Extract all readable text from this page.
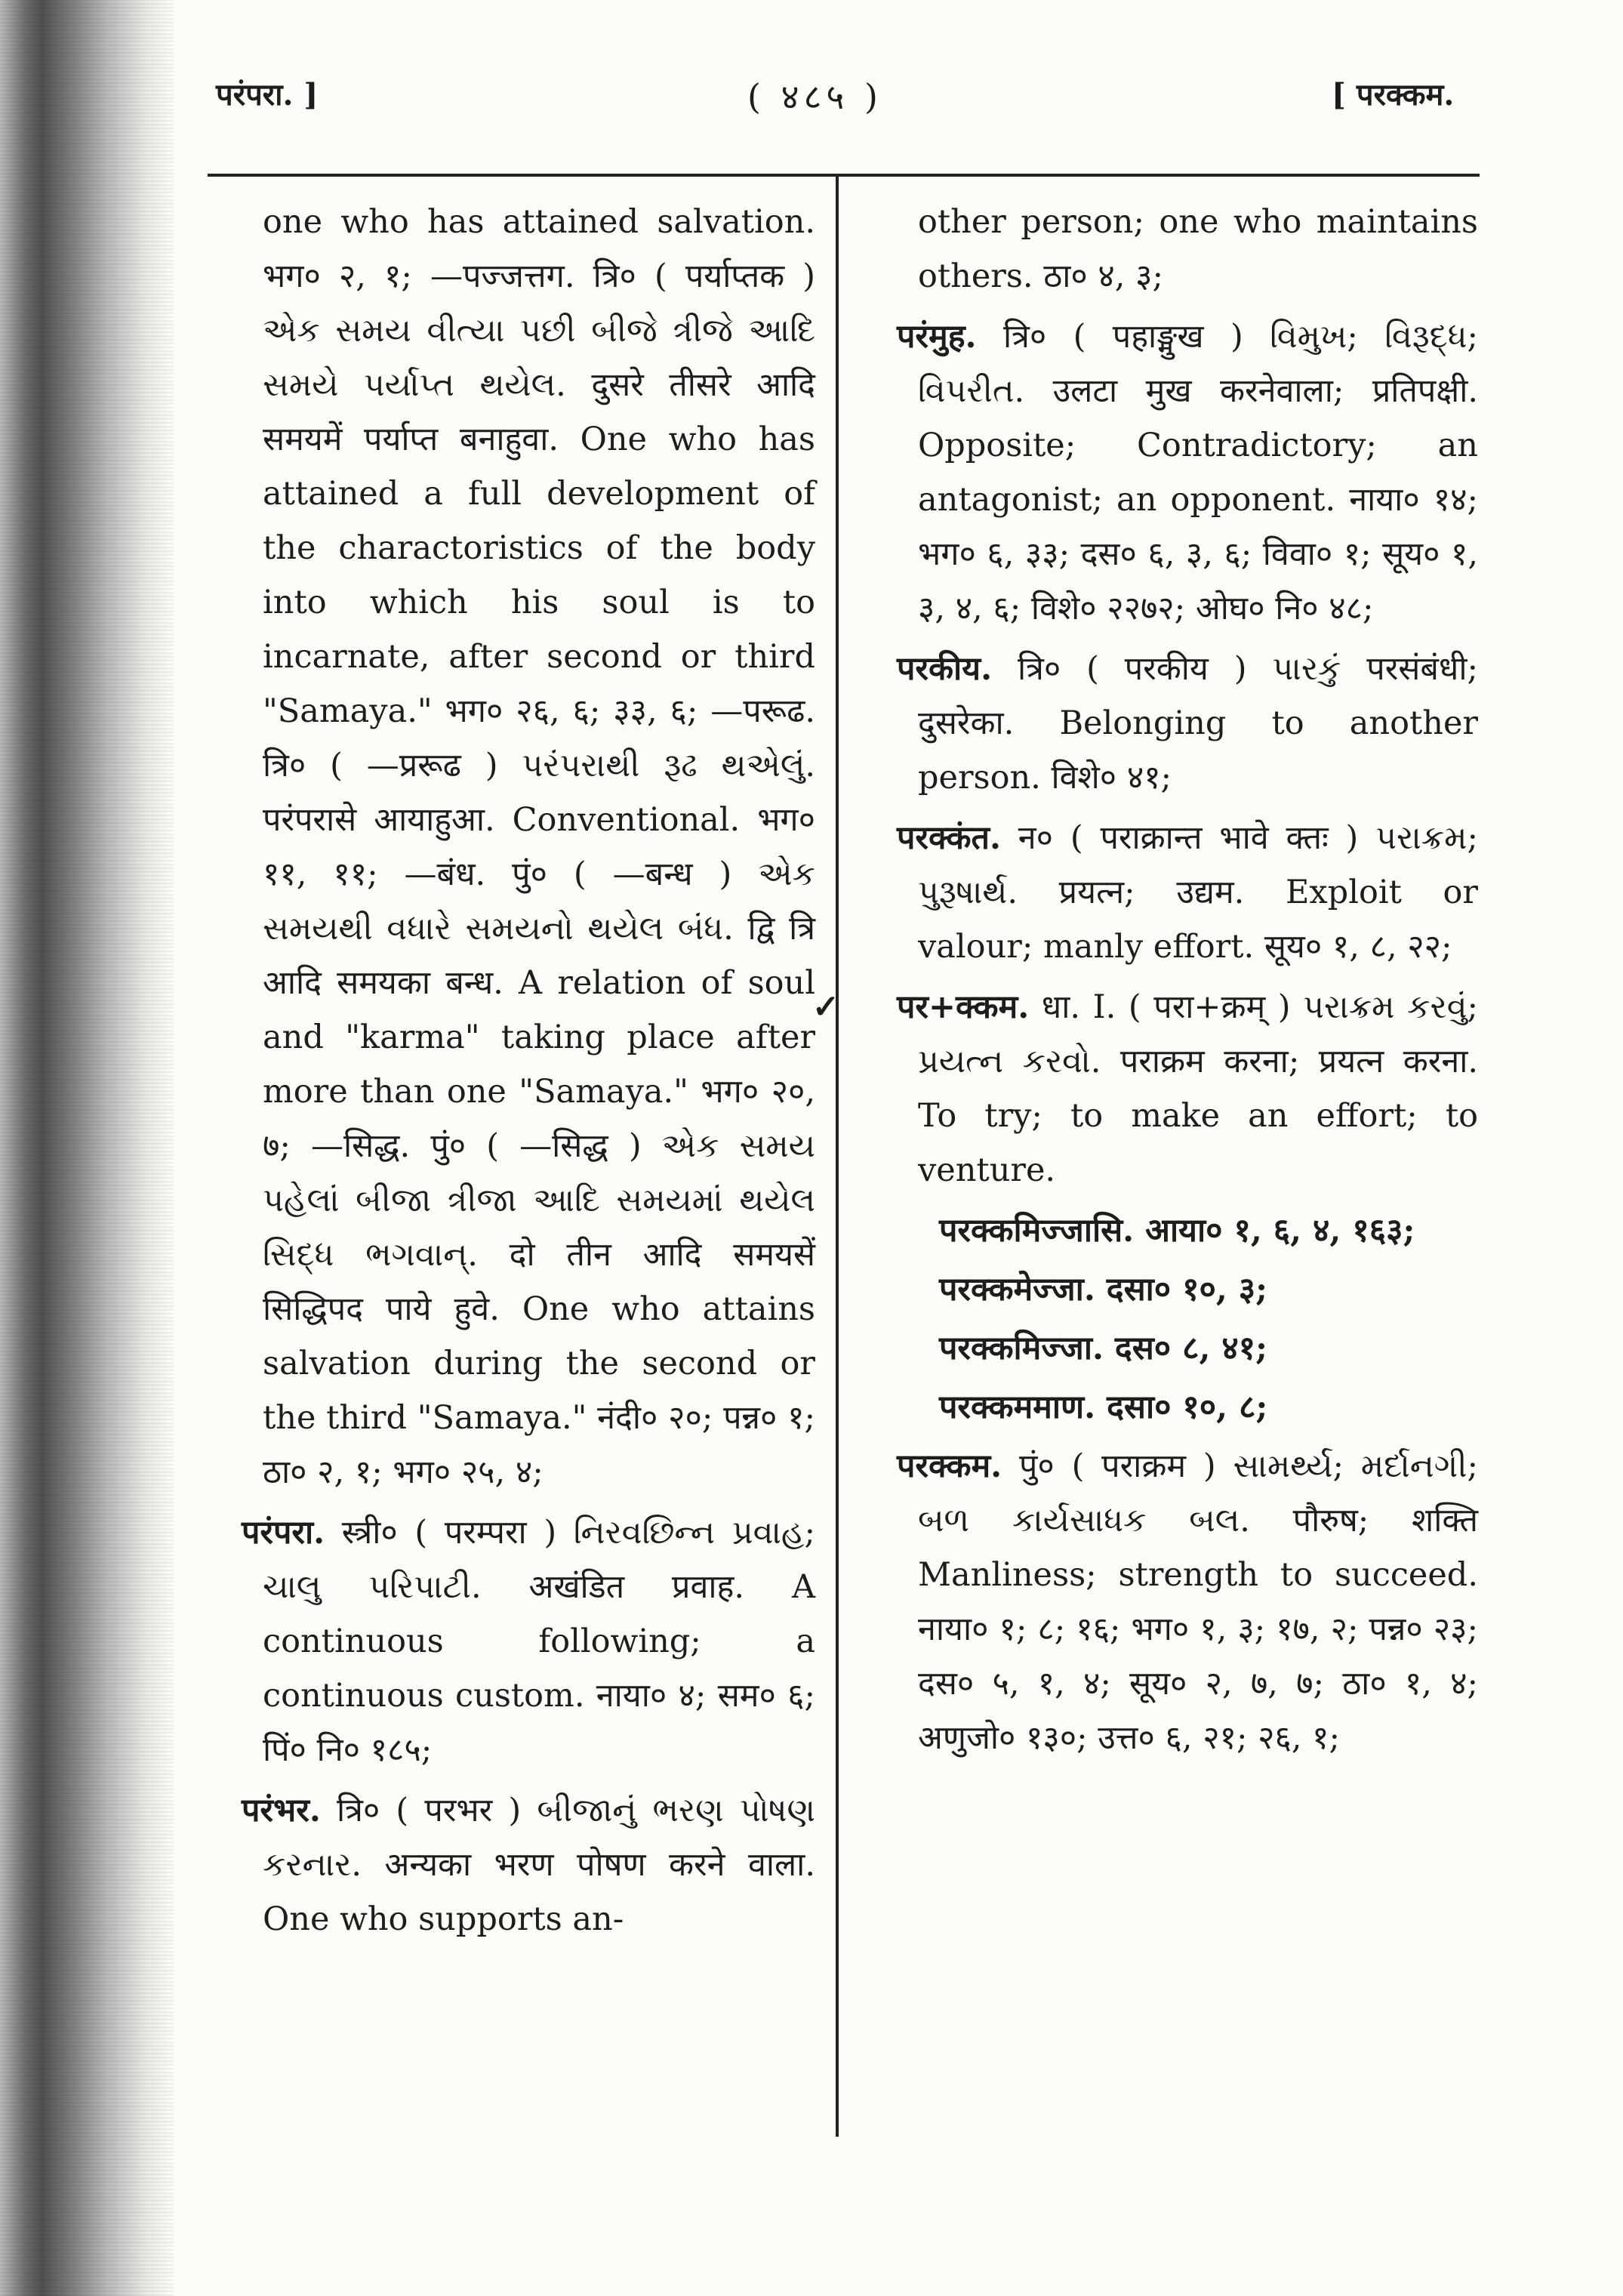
परंपरा. ]	( ४८५ )	[ परक्कम.

one who has attained salvation. भग० २, १; —पज्जत्तग. त्रि० ( पर्याप्तक ) એક સમય વીત્યા પછી બીજે ત્રીજે આદિ સમયે પર્યાપ્ત થયેલ. दुसरे तीसरे आदि समयमें पर्याप्त बनाहुवा. One who has attained a full development of the charactoristics of the body into which his soul is to incarnate, after second or third "Samaya." भग० २६, ६; ३३, ६; —परूढ. त्रि० ( —प्ररूढ ) પરંપરાથી રૂઢ થએલું. परंपरासे आयाहुआ. Conventional. भग० ११, ११; —बंध. पुं० ( —बन्ध ) એક સમયથી વધારે સમયનો થયેલ બંધ. द्वि त्रि आदि समयका बन्ध. A relation of soul and "karma" taking place after more than one "Samaya." भग० २०, ७; —सिद्ध. पुं० ( —सिद्ध ) એક સમય પહેલાં બીજા ત્રીજા આદિ સમયમાં થયેલ સિદ્ધ ભગવાન્. दो तीन आदि समयसें सिद्धिपद पाये हुवे. One who attains salvation during the second or the third "Samaya." नंदी० २०; पन्न० १; ठा० २, १; भग० २५, ४;

परंपरा. स्त्री० ( परम्परा ) નિરવછિન્ન પ્રવાહ; ચાલુ પરિપાટી. अखंडित प्रवाह. A continuous following; a continuous custom. नाया० ४; सम० ६; पिं० नि० १८५;

परंभर. त्रि० ( परभर ) બીજાનું ભરણ પોષણ કરનાર. अन्यका भरण पोषण करने वाला. One who supports an-

other person; one who maintains others. ठा० ४, ३;

परंमुह. त्रि० ( पहाङ्मुख ) વિમુખ; વિરૂદ્ધ; વિપરીત. उलटा मुख करनेवाला; प्रतिपक्षी. Opposite; Contradictory; an antagonist; an opponent. नाया० १४; भग० ६, ३३; दस० ६, ३, ६; विवा० १; सूय० १, ३, ४, ६; विशे० २२७२; ओघ० नि० ४८;

परकीय. त्रि० ( परकीय ) પારકું परसंबंधी; दुसरेका. Belonging to another person. विशे० ४१;

परक्कंत. न० ( पराक्रान्त भावे क्तः ) પરાક્રમ; પુરૂષાર્થ. प्रयत्न; उद्यम. Exploit or valour; manly effort. सूय० १, ८, २२;

✓ पर+क्कम. धा. I. ( परा+क्रम् ) પરાક્રમ કરવું; પ્રયત્ન કરવો. पराक्रम करना; प्रयत्न करना. To try; to make an effort; to venture.

परक्कमिज्जासि. आया० १, ६, ४, १६३;

परक्कमेज्जा. दसा० १०, ३;

परक्कमिज्जा. दस० ८, ४१;

परक्कममाण. दसा० १०, ८;

परक्कम. पुं० ( पराक्रम ) સામર્થ્ય; મર્દાનગી; બળ કાર્યસાધક બલ. पौरुष; शक्ति Manliness; strength to succeed. नाया० १; ८; १६; भग० १, ३; १७, २; पन्न० २३; दस० ५, १, ४; सूय० २, ७, ७; ठा० १, ४; अणुजो० १३०; उत्त० ६, २१; २६, १;
